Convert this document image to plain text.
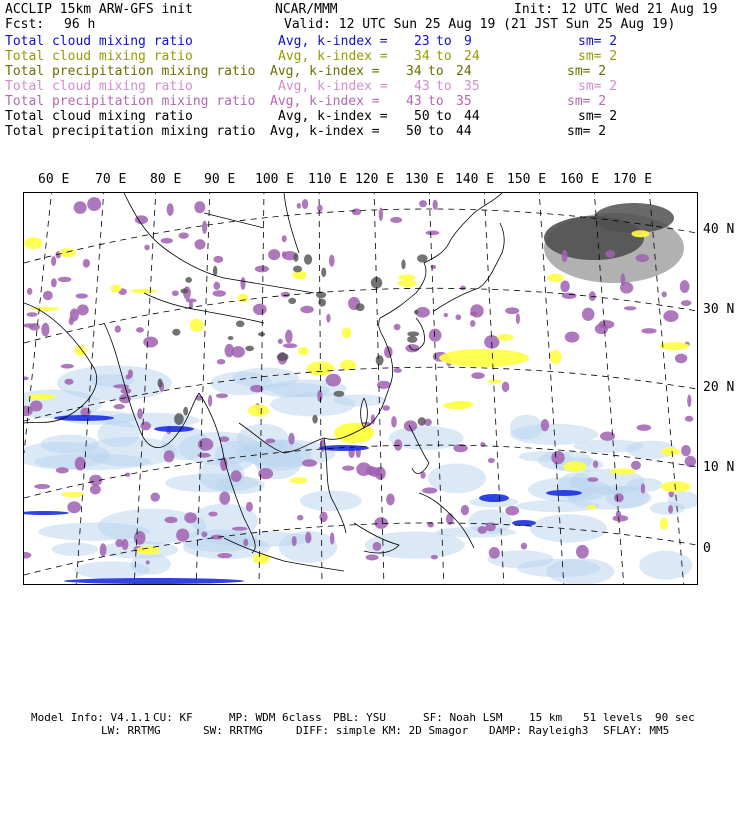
ACCLIP 15km ARW-GFS init	NCAR/MMM	Init: 12 UTC Wed 21 Aug 19
Fcst: 96 h	Valid: 12 UTC Sun 25 Aug 19 (21 JST Sun 25 Aug 19)
Total cloud mixing ratio	Avg, k-index = 23 to 9	sm= 2
Total cloud mixing ratio	Avg, k-index = 34 to 24	sm= 2
Total precipitation mixing ratio Avg, k-index = 34 to 24	sm= 2
Total cloud mixing ratio	Avg, k-index = 43 to 35	sm= 2
Total precipitation mixing ratio Avg, k-index = 43 to 35	sm= 2
Total cloud mixing ratio	Avg, k-index = 50 to 44	sm= 2
Total precipitation mixing ratio Avg, k-index = 50 to 44	sm= 2
60 E 70 E 80 E 90 E 100 E 110 E 120 E 130 E 140 E 150 E 160 E 170 E
40 N
30 N
20 N
10 N
0

Model Info: V4.1.1

CU: KF

	MP: WDM 6class

PBL: YSU

	SF: Noah LSM

15 km

51 levels

90 sec

LW: RRTMG

	SW: RRTMG

	DIFF: simple KM: 2D Smagor

DAMP: Rayleigh3

SFLAY: MM5
